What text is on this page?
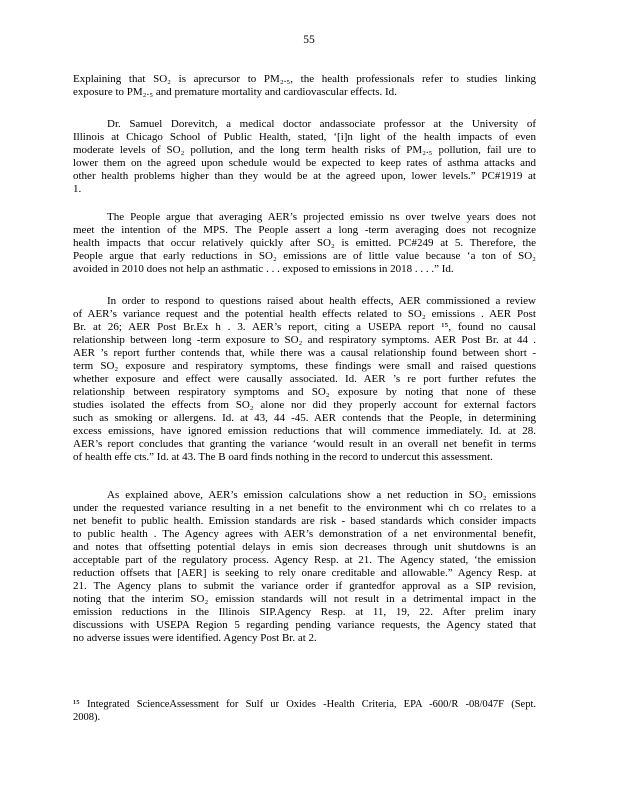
55
Explaining that SO₂ is aprecursor to PM₂.₅, the health professionals refer to studies linking
exposure to PM₂.₅ and premature mortality and cardiovascular effects. Id.
Dr. Samuel Dorevitch, a medical doctor andassociate professor at the University of
Illinois at Chicago School of Public Health, stated, ‘[i]n light of the health impacts of even
moderate levels of SO₂ pollution, and the long term health risks of PM₂.₅ pollution, fail ure to
lower them on the agreed upon schedule would be expected to keep rates of asthma attacks and
other health problems higher than they would be at the agreed upon, lower levels.” PC#1919 at
1.
The People argue that averaging AER’s projected emissio ns over twelve years does not
meet the intention of the MPS. The People assert a long -term averaging does not recognize
health impacts that occur relatively quickly after SO₂ is emitted. PC#249 at 5. Therefore, the
People argue that early reductions in SO₂ emissions are of little value because ‘a ton of SO₂
avoided in 2010 does not help an asthmatic . . . exposed to emissions in 2018 . . . .” Id.
In order to respond to questions raised about health effects, AER commissioned a review
of AER’s variance request and the potential health effects related to SO₂ emissions . AER Post
Br. at 26; AER Post Br.Ex h . 3. AER’s report, citing a USEPA report ¹⁵, found no causal
relationship between long -term exposure to SO₂ and respiratory symptoms. AER Post Br. at 44 .
AER ’s report further contends that, while there was a causal relationship found between short -
term SO₂ exposure and respiratory symptoms, these findings were small and raised questions
whether exposure and effect were causally associated. Id. AER ’s re port further refutes the
relationship between respiratory symptoms and SO₂ exposure by noting that none of these
studies isolated the effects from SO₂ alone nor did they properly account for external factors
such as smoking or allergens. Id. at 43, 44 -45. AER contends that the People, in determining
excess emissions, have ignored emission reductions that will commence immediately. Id. at 28.
AER’s report concludes that granting the variance ‘would result in an overall net benefit in terms
of health effe cts.” Id. at 43. The B oard finds nothing in the record to undercut this assessment.
As explained above, AER’s emission calculations show a net reduction in SO₂ emissions
under the requested variance resulting in a net benefit to the environment whi ch co rrelates to a
net benefit to public health. Emission standards are risk - based standards which consider impacts
to public health . The Agency agrees with AER’s demonstration of a net environmental benefit,
and notes that offsetting potential delays in emis sion decreases through unit shutdowns is an
acceptable part of the regulatory process. Agency Resp. at 21. The Agency stated, ‘the emission
reduction offsets that [AER] is seeking to rely onare creditable and allowable.” Agency Resp. at
21. The Agency plans to submit the variance order if grantedfor approval as a SIP revision,
noting that the interim SO₂ emission standards will not result in a detrimental impact in the
emission reductions in the Illinois SIP.Agency Resp. at 11, 19, 22. After prelim inary
discussions with USEPA Region 5 regarding pending variance requests, the Agency stated that
no adverse issues were identified. Agency Post Br. at 2.
¹⁵ Integrated ScienceAssessment for Sulf ur Oxides -Health Criteria, EPA -600/R -08/047F (Sept.
2008).
